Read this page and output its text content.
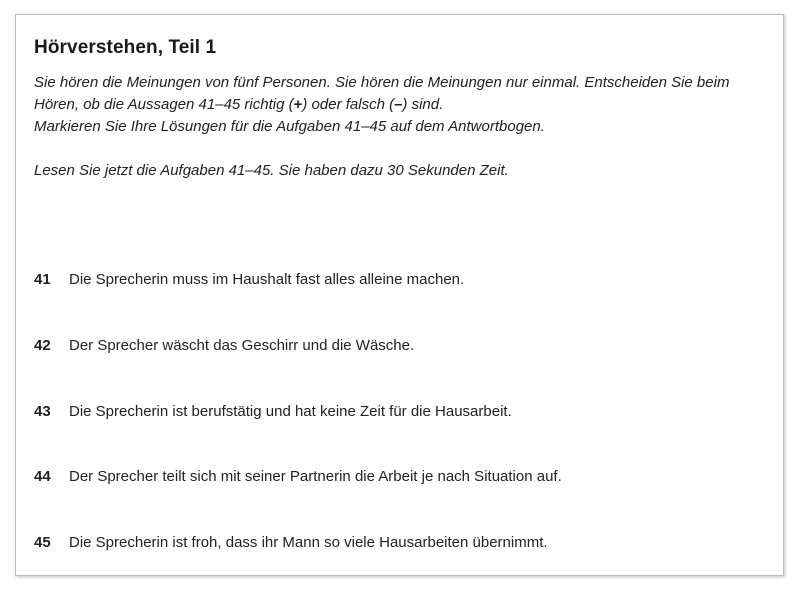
Hörverstehen, Teil 1

Sie hören die Meinungen von fünf Personen. Sie hören die Meinungen nur einmal. Entscheiden Sie beim Hören, ob die Aussagen 41–45 richtig (+) oder falsch (–) sind.

Markieren Sie Ihre Lösungen für die Aufgaben 41–45 auf dem Antwortbogen.

Lesen Sie jetzt die Aufgaben 41–45. Sie haben dazu 30 Sekunden Zeit.

41 Die Sprecherin muss im Haushalt fast alles alleine machen.
42 Der Sprecher wäscht das Geschirr und die Wäsche.
43 Die Sprecherin ist berufstätig und hat keine Zeit für die Hausarbeit.
44 Der Sprecher teilt sich mit seiner Partnerin die Arbeit je nach Situation auf.
45 Die Sprecherin ist froh, dass ihr Mann so viele Hausarbeiten übernimmt.
